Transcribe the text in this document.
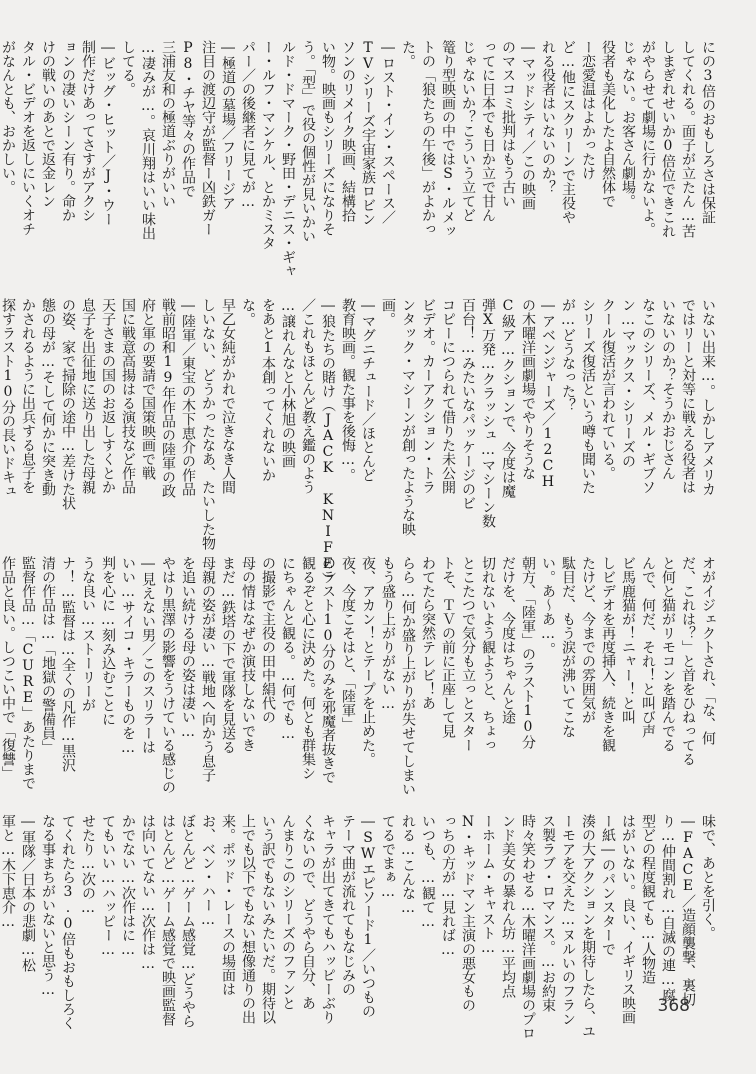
にの3倍のおもしろさは保証
してくれる。面子が立たん…苦
しまぎれせいか0倍位できこれ
がやらせて劇場に行かないよ。
じゃない。お客さん劇場。
役者も美化したよ自然体で
ー恋愛温はよかったけ
ど…他にスクリーンで主役や
れる役者はいないのか？
―マッドシティ／この映画
のマスコミ批判はもう古い
ってに日本でも日か立で甘ん
じゃないか？こういう立てど
篭り型映画の中ではS・ルメッ
トの「狼たちの午後」がよかっ
た。
―ロスト・イン・スペース／
TVシリーズ宇宙家族ロビン
ソンのリメイク映画、結構拾
い物。映画もシリーズになりそ
う。「型」で役の個性が見いかい
ルド・ドマーク・野田・デニス・ギャ
ー・ルフ・マンケル、とかミスタ
パー／の後継者に見てが…
―極道の墓場／フリージア
注目の渡辺守が監督ー凶鉄ガー
P8・チヤ等々の作品で
三浦友和の極道ぶりがいい
…凄みが…。哀川翔はいい味出
してる。
―ビッグ・ヒット／J・ウー
制作だけあってさすがアクシ
ョンの凄いシーン有り。命か
けの戦いのあとで返金レン
タル・ビデオを返しにいくオチ
がなんとも、おかしい。
いない出来…。しかしアメリカ
ではリーと対等に戦える役者は
いないのか？そうかおじさん
なこのシリーズ、メル・ギブソ
ン…マックス・シリーズの
クール復活が言われている。
シリーズ復活という噂も聞いた
が…どうなった？
―アベンジャーズ／12CH
の木曜洋画劇場でやりそうな
C級ア…クションで、今度は魔
弾X万発…クラッシュ…マシーン数
百台！…みたいなパッケージのビ
コピーにつられて借りた未公開
ビデオ。カーアクション・トラ
ンタック・マシーンが創ったような映
画。
―マグニチュード／ほとんど
教育映画。観た事を後悔…。
―狼たちの賭け（JACK KNIFE）
／これもほとんど教え鑑のよう
…譲れんなと小林旭の映画
をあと1本創ってくれないか
な。
早乙女純がかれで泣きなき人間
しいない、どうかったなあ、たいした物
―陸軍／東宝の木下恵介の作品
戦前昭和19年作品の陸軍の政
府と軍の要請で国策映画で戦
国に戦意高揚はる演技など作品
天子さまの国のお返しすくとか
息子を出征地に送り出した母親
の姿、家で掃除の途中…差けた状
態の母が…そして何かに突き動
かされるように出兵する息子を
探すラスト10分の長いドキュ
オがイジェクトされ、「な、何
だ、これは？」と首をひねってる
と何と猫がリモコンを踏んでる
んで、何だ、それ！と叫び声
ビ馬鹿猫が！ニャー！と叫
しビデオを再度挿入、続きを観
たけど、今までの雰囲気が
駄目だ、もう涙が沸いてこな
い。あ〜あ…。
朝方、「陸軍」のラスト10分
だけを、今度はちゃんと途
切れないよう観ようと、ちょっ
とこたつで気分も立っとスター
トそ、ＴＶの前に正座して見
わてたら突然テレビ！あ
らら…何か盛り上がりが失せてしまい
もう盛り上がりがない…
夜、アカン！とテープを止めた。
夜、今度こそはと、「陸軍」
のラスト10分のみを邪魔者抜きで
観るぞと心に決めた。何とも群集シ
にちゃんと観る。…何でも…
の撮影で主役の田中絹代の
母の情はなぜか演技しないでき
まだ…鉄塔の下で軍隊を見送る
母親の姿が凄い…戦地へ向かう息子
を追い続ける母の姿は凄い…
やはり黒澤の影響をうけている感じの
―見えない男／このスリラーは
いい…サイコ・キラーものを…
判を心に…刻み込むことに
うな良い…ストーリーが
ナ！…監督は…全くの凡作…黒沢
清の作品は…「地獄の警備員」
監督作品…「CURE」あたりまで
作品と良い。しつこい中で「復讐」
味で、あとを引く。
―FACE／造顔襲撃、裏切
り…仲間割れ…自滅の連…腐
型どの程度観ても…人物造
はがいない。良い、イギリス映画
ー紙―のパンスターで
湊の大アクションを期待したら、ユ
ーモアを交えた…ヌルいのフラン
ス製ラブ・ロマンス。…お約束
時々笑わせる…木曜洋画劇場のプロ
ンド美女の暴れん坊…平均点
ーホーム・キャスト…
N・キッドマン主演の悪女もの
っちの方が…見れば…
いつも、…観て…
れる…こんな…
てるでまぁ…
―SWエピソード1／いつもの
テーマ曲が流れてもなじみの
キャラが出てきてもハッピーぶり
くないので、どうやら自分、あ
んまりこのシリーズのファンと
いう訳でもないみたいだ。期待以
上でも以下でもない想像通りの出
来。ポッド・レースの場面は
お、ベン・ハー…
ぼとんど…ゲーム感覚…どうやら
はとんど…ゲーム感覚で映画監督
は向いてない…次作は…
かでない…次作はに…
てもいい…ハッピー…
せたり…次の…
てくれたら3.0倍もおもしろく
なる事まちがいないと思う…
―軍隊／日本の悲劇…松
軍と…木下恵介…
368
